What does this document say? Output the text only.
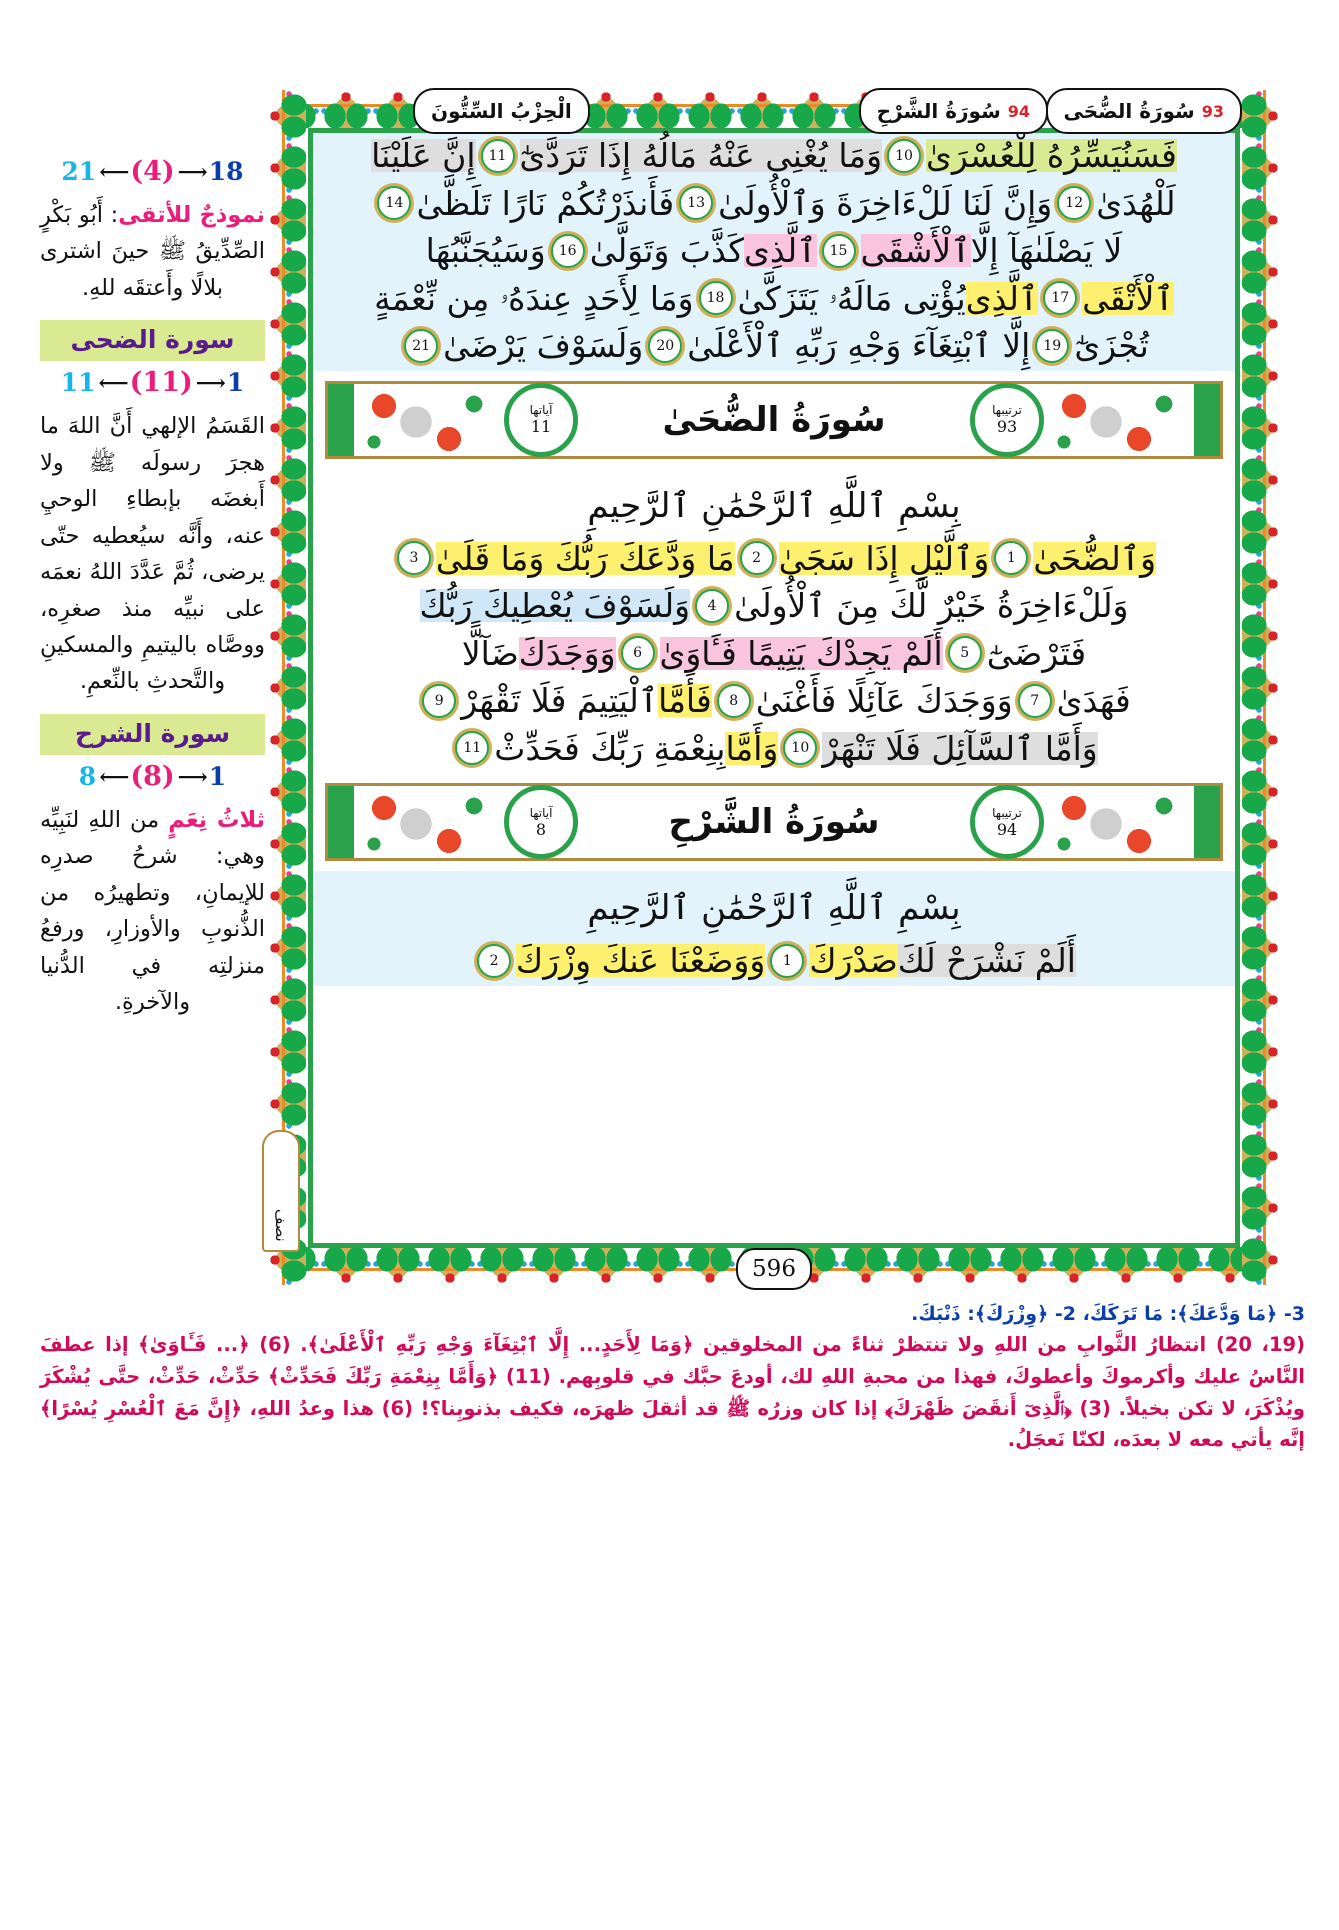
21 ⟵ (4) ⟶ 18
نموذجٌ للأتقى: أَبُو بَكْرٍ الصِّدِّيقُ ﷺ حينَ اشترى بلالًا وأَعتقَه للهِ.
سورة الضحى
11 ⟵ (11) ⟶ 1
القَسَمُ الإلهي أَنَّ اللهَ ما هجرَ رسولَه ﷺ ولا أَبغضَه بإبطاءِ الوحيِ عنه، وأَنَّه سيُعطيه حتّى يرضى، ثُمَّ عَدَّدَ اللهُ نعمَه على نبيِّه منذ صغرِه، ووصَّاه باليتيمِ والمسكينِ والتَّحدثِ بالنِّعمِ.
سورة الشرح
8 ⟵ (8) ⟶ 1
ثلاثُ نِعَمٍ من اللهِ لنَبِيِّه وهي: شرحُ صدرِه للإيمانِ، وتطهيرُه من الذُّنوبِ والأوزارِ، ورفعُ منزلتِه في الدُّنيا والآخرةِ.
الْحِزْبُ السِّتُّونَ	94
سُورَةُ الشَّرْحِ	93
سُورَةُ الضُّحَى
596
نصف
فَسَنُيَسِّرُهُ لِلْعُسْرَىٰ10وَمَا يُغْنِى عَنْهُ مَالُهُ إِذَا تَرَدَّىٰٓ11إِنَّ عَلَيْنَا
لَلْهُدَىٰ12وَإِنَّ لَنَا لَلْءَاخِرَةَ وَٱلْأُولَىٰ13فَأَنذَرْتُكُمْ نَارًا تَلَظَّىٰ14
لَا يَصْلَىٰهَآ إِلَّاٱلْأَشْقَى15ٱلَّذِىكَذَّبَ وَتَوَلَّىٰ16وَسَيُجَنَّبُهَا
ٱلْأَتْقَى17ٱلَّذِىيُؤْتِى مَالَهُۥ يَتَزَكَّىٰ18وَمَا لِأَحَدٍ عِندَهُۥ مِن نِّعْمَةٍ
تُجْزَىٰٓ19إِلَّا ٱبْتِغَآءَ وَجْهِ رَبِّهِ ٱلْأَعْلَىٰ20وَلَسَوْفَ يَرْضَىٰ21
آياتها
11	سُورَةُ الضُّحَىٰ	ترتيبها
93
بِسْمِ ٱللَّهِ ٱلرَّحْمَٰنِ ٱلرَّحِيمِ
وَٱلضُّحَىٰ1وَٱلَّيْلِ إِذَا سَجَىٰ2مَا وَدَّعَكَ رَبُّكَ وَمَا قَلَىٰ3
وَلَلْءَاخِرَةُ خَيْرٌ لَّكَ مِنَ ٱلْأُولَىٰ4وَلَسَوْفَ يُعْطِيكَ رَبُّكَ
فَتَرْضَىٰٓ5أَلَمْ يَجِدْكَ يَتِيمًا فَـَٔاوَىٰ6وَوَجَدَكَضَآلًّا
فَهَدَىٰ7وَوَجَدَكَ عَآئِلًا فَأَغْنَىٰ8فَأَمَّاٱلْيَتِيمَ فَلَا تَقْهَرْ9
وَأَمَّا ٱلسَّآئِلَ فَلَا تَنْهَرْ10وَأَمَّابِنِعْمَةِ رَبِّكَ فَحَدِّثْ11
آياتها
8	سُورَةُ الشَّرْحِ	ترتيبها
94
بِسْمِ ٱللَّهِ ٱلرَّحْمَٰنِ ٱلرَّحِيمِ
أَلَمْ نَشْرَحْ لَكَصَدْرَكَ1وَوَضَعْنَا عَنكَ وِزْرَكَ2
3- ﴿مَا وَدَّعَكَ﴾: مَا تَرَكَكَ، 2- ﴿وِزْرَكَ﴾: ذَنْبَكَ.
(19، 20) انتظارُ الثَّوابِ من اللهِ ولا تنتظرْ ثناءً من المخلوقين ﴿وَمَا لِأَحَدٍ... إِلَّا ٱبْتِغَآءَ وَجْهِ رَبِّهِ ٱلْأَعْلَىٰ﴾. (6) ﴿... فَـَٔاوَىٰ﴾ إذا عطفَ النَّاسُ عليك وأكرموكَ وأعطوكَ، فهذا من محبةِ اللهِ لك، أودعَ حبَّك في قلوبِهم. (11) ﴿وَأَمَّا بِنِعْمَةِ رَبِّكَ فَحَدِّثْ﴾ حَدِّثْ، حَدِّثْ، حتَّى يُشْكَرَ ويُذْكَرَ، لا تكن بخيلاً. (3) ﴿ٱلَّذِىٓ أَنقَضَ ظَهْرَكَ﴾ إذا كان وزرُه ﷺ قد أثقلَ ظهرَه، فكيف بذنوبِنا؟! (6) هذا وعدُ اللهِ، ﴿إِنَّ مَعَ ٱلْعُسْرِ يُسْرًا﴾ إنَّه يأتي معه لا بعدَه، لكنّا نَعجَلُ.
